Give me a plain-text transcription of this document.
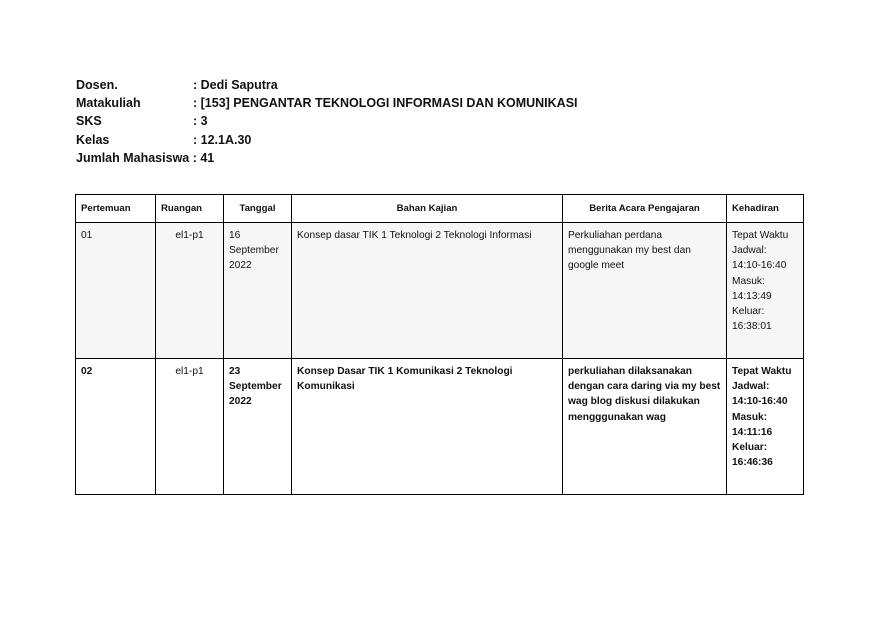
Dosen.	: Dedi Saputra
Matakuliah	: [153] PENGANTAR TEKNOLOGI INFORMASI DAN KOMUNIKASI
SKS	: 3
Kelas	: 12.1A.30
Jumlah Mahasiswa : 41
Pertemuan	Ruangan	Tanggal	Bahan Kajian	Berita Acara Pengajaran	Kehadiran
01	el1-p1	16 September 2022	Konsep dasar TIK 1 Teknologi 2 Teknologi Informasi	Perkuliahan perdana menggunakan my best dan google meet	Tepat Waktu
Jadwal: 14:10-16:40
Masuk: 14:13:49
Keluar: 16:38:01

02	el1-p1	23 September 2022	Konsep Dasar TIK 1 Komunikasi 2 Teknologi Komunikasi	perkuliahan dilaksanakan dengan cara daring via my best wag blog diskusi dilakukan mengggunakan wag	Tepat Waktu
Jadwal: 14:10-16:40
Masuk: 14:11:16
Keluar: 16:46:36
